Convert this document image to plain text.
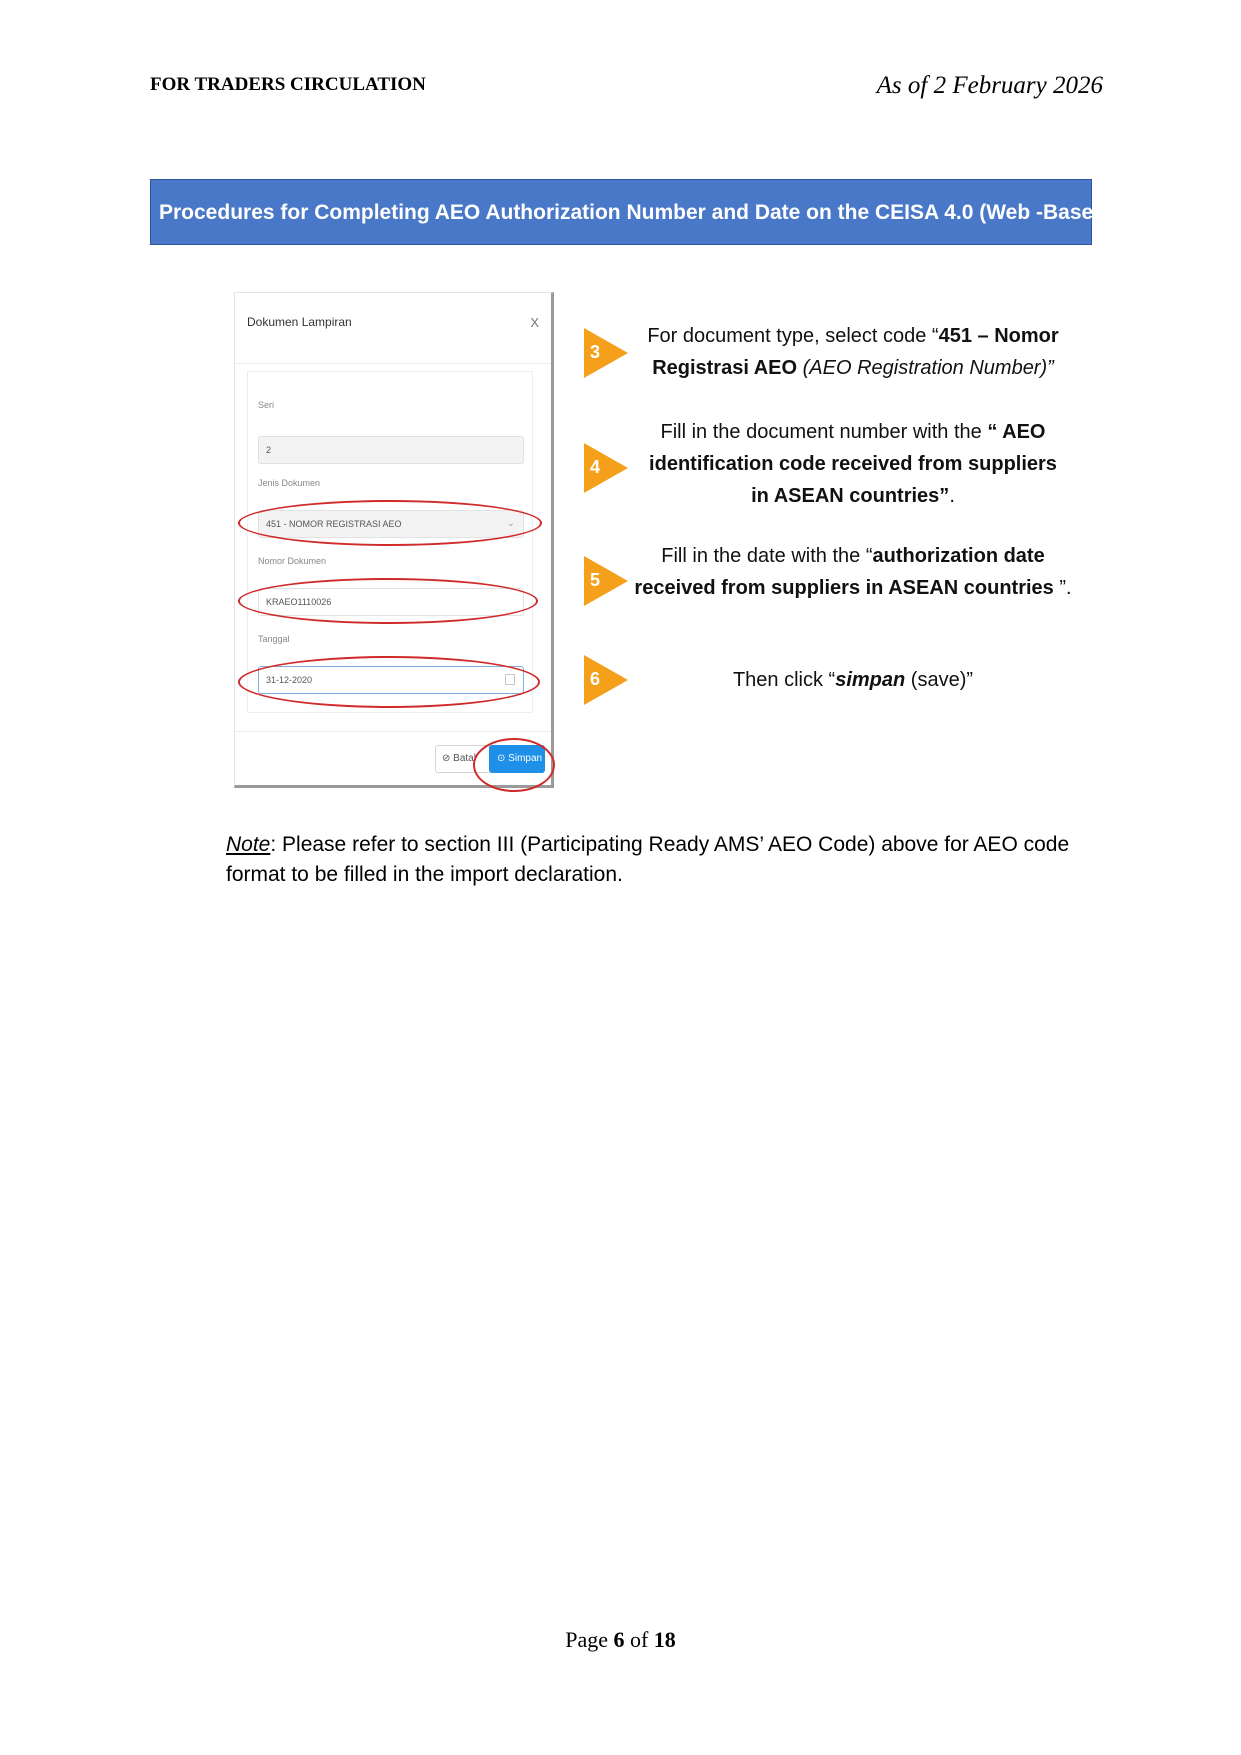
FOR TRADERS CIRCULATION	As of 2 February 2026
Procedures for Completing AEO Authorization Number and Date on the CEISA 4.0 (Web -Based Portal) (3)
Dokumen Lampiran	X
Seri
2
Jenis Dokumen
451 - NOMOR REGISTRASI AEO	⌄
Nomor Dokumen
KRAEO1110026
Tanggal
31-12-2020
⊘ Batal	⊙ Simpan
3
For document type, select code “451 – Nomor
Registrasi AEO (AEO Registration Number)”
4
Fill in the document number with the “ AEO
identification code received from suppliers
in ASEAN countries”.
5
Fill in the date with the “authorization date
received from suppliers in ASEAN countries ”.
6	Then click “simpan (save)”
Note: Please refer to section III (Participating Ready AMS’ AEO Code) above for AEO code format to be filled in the import declaration.
Page 6 of 18
